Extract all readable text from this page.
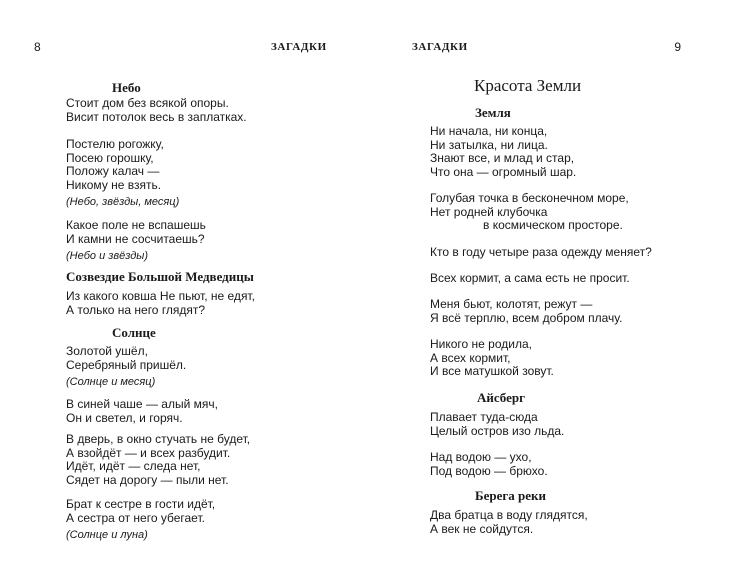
8	ЗАГАДКИ
Небо
Стоит дом без всякой опоры.
Висит потолок весь в заплатках.
Постелю рогожку,
Посею горошку,
Положу калач —
Никому не взять.
(Небо, звёзды, месяц)
Какое поле не вспашешь
И камни не сосчитаешь?
(Небо и звёзды)
Созвездие Большой Медведицы
Из какого ковша Не пьют, не едят,
А только на него глядят?
Солнце
Золотой ушёл,
Серебряный пришёл.
(Солнце и месяц)
В синей чаше — алый мяч,
Он и светел, и горяч.
В дверь, в окно стучать не будет,
А взойдёт — и всех разбудит.
Идёт, идёт — следа нет,
Сядет на дорогу — пыли нет.
Брат к сестре в гости идёт,
А сестра от него убегает.
(Солнце и луна)
ЗАГАДКИ	9
Красота Земли
Земля
Ни начала, ни конца,
Ни затылка, ни лица.
Знают все, и млад и стар,
Что она — огромный шар.
Голубая точка в бесконечном море,
Нет родней клубочка
в космическом просторе.
Кто в году четыре раза одежду меняет?
Всех кормит, а сама есть не просит.
Меня бьют, колотят, режут —
Я всё терплю, всем добром плачу.
Никого не родила,
А всех кормит,
И все матушкой зовут.
Айсберг
Плавает туда-сюда
Целый остров изо льда.
Над водою — ухо,
Под водою — брюхо.
Берега реки
Два братца в воду глядятся,
А век не сойдутся.
